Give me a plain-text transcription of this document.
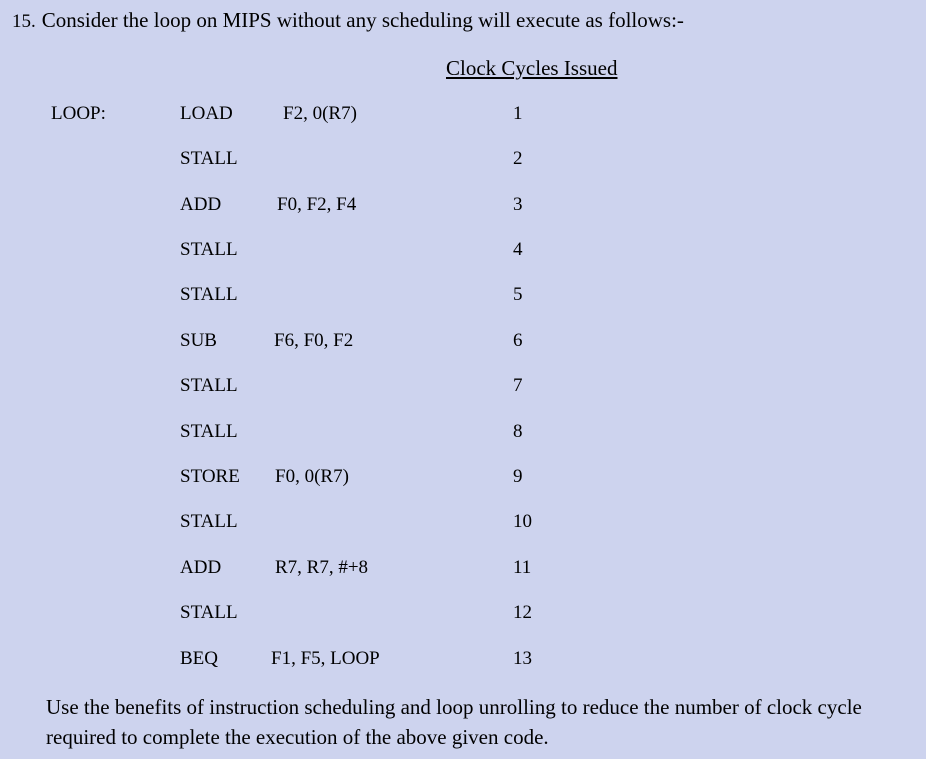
15. Consider the loop on MIPS without any scheduling will execute as follows:-
Clock Cycles Issued
LOOP:	LOAD	F2, 0(R7)	1
STALL	2
ADD	F0, F2, F4	3
STALL	4
STALL	5
SUB	F6, F0, F2	6
STALL	7
STALL	8
STORE F0, 0(R7)	9
STALL	10
ADD	R7, R7, #+8	11
STALL	12
BEQ	F1, F5, LOOP	13
Use the benefits of instruction scheduling and loop unrolling to reduce the number of clock cycle required to complete the execution of the above given code.
